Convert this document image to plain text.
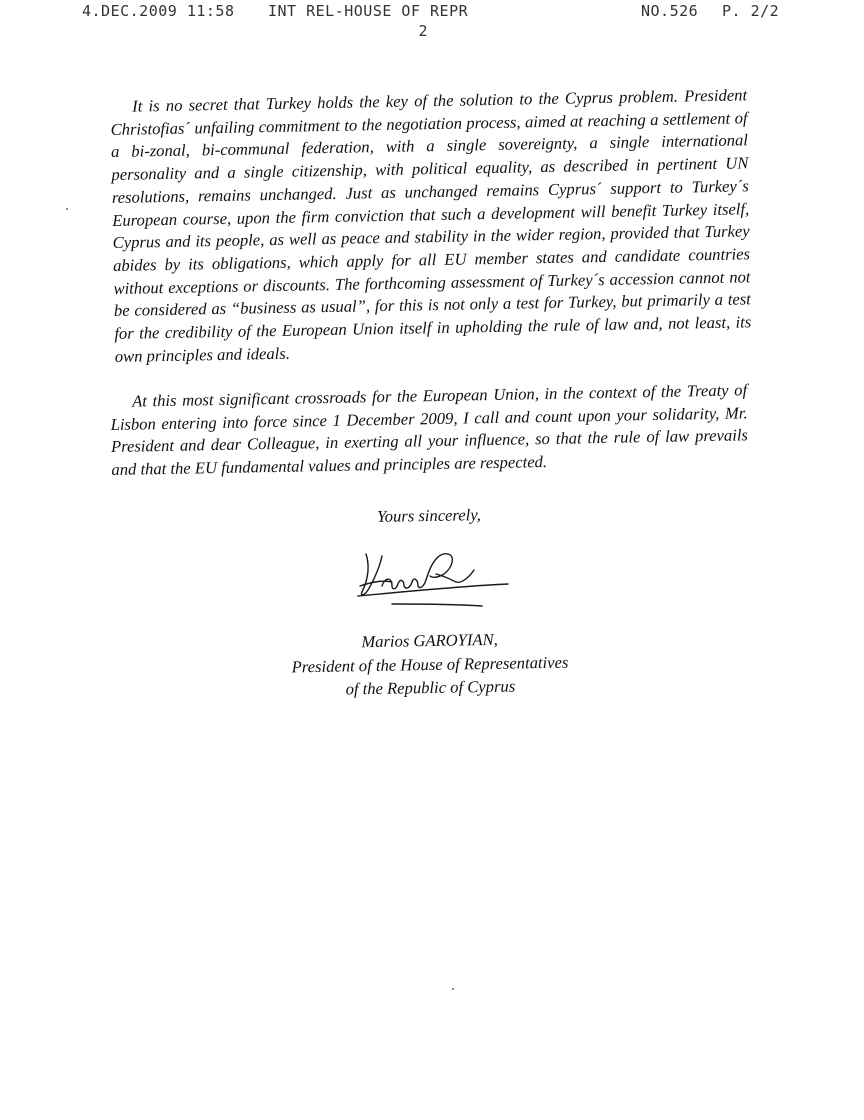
4.DEC.2009 11:58 INT REL-HOUSE OF REPR	NO.526 P. 2/2
2

It is no secret that Turkey holds the key of the solution to the Cyprus problem. President Christofias´ unfailing commitment to the negotiation process, aimed at reaching a settlement of a bi-zonal, bi-communal federation, with a single sovereignty, a single international personality and a single citizenship, with political equality, as described in pertinent UN resolutions, remains unchanged. Just as unchanged remains Cyprus´ support to Turkey´s European course, upon the firm conviction that such a development will benefit Turkey itself, Cyprus and its people, as well as peace and stability in the wider region, provided that Turkey abides by its obligations, which apply for all EU member states and candidate countries without exceptions or discounts. The forthcoming assessment of Turkey´s accession cannot not be considered as “business as usual”, for this is not only a test for Turkey, but primarily a test for the credibility of the European Union itself in upholding the rule of law and, not least, its own principles and ideals.

At this most significant crossroads for the European Union, in the context of the Treaty of Lisbon entering into force since 1 December 2009, I call and count upon your solidarity, Mr. President and dear Colleague, in exerting all your influence, so that the rule of law prevails and that the EU fundamental values and principles are respected.

Yours sincerely,
Marios GAROYIAN,
President of the House of Representatives
of the Republic of Cyprus
